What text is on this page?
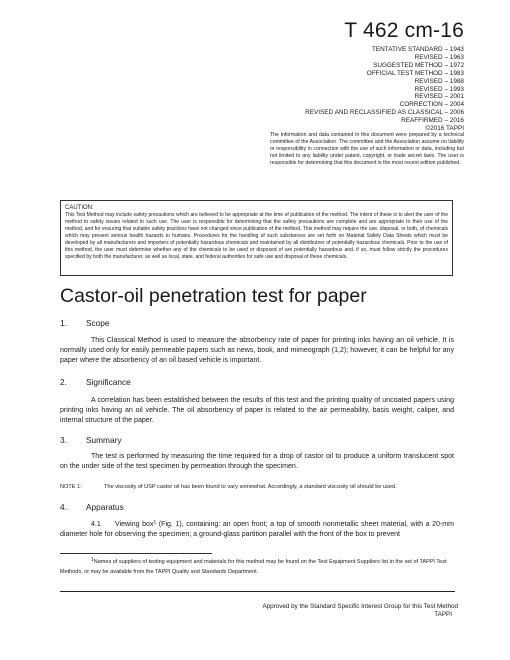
T 462 cm-16
TENTATIVE STANDARD – 1943
REVISED – 1963
SUGGESTED METHOD – 1972
OFFICIAL TEST METHOD – 1983
REVISED – 1988
REVISED – 1993
REVISED – 2001
CORRECTION – 2004
REVISED AND RECLASSIFIED AS CLASSICAL – 2006
REAFFIRMED – 2016
©2016 TAPPI
The information and data contained in this document were prepared by a technical committee of the Association. The committee and the Association assume no liability or responsibility in connection with the use of such information or data, including but not limited to any liability under patent, copyright, or trade secret laws. The user is responsible for determining that this document is the most recent edition published.
CAUTION:
This Test Method may include safety precautions which are believed to be appropriate at the time of publication of the method. The intent of these is to alert the user of the method to safety issues related to such use. The user is responsible for determining that the safety precautions are complete and are appropriate to their use of the method, and for ensuring that suitable safety practices have not changed since publication of the method. This method may require the use, disposal, or both, of chemicals which may present serious health hazards to humans. Procedures for the handling of such substances are set forth on Material Safety Data Sheets which must be developed by all manufacturers and importers of potentially hazardous chemicals and maintained by all distributors of potentially hazardous chemicals. Prior to the use of this method, the user must determine whether any of the chemicals to be used or disposed of are potentially hazardous and, if so, must follow strictly the procedures specified by both the manufacturer, as well as local, state, and federal authorities for safe use and disposal of these chemicals.
Castor-oil penetration test for paper
1. Scope
This Classical Method is used to measure the absorbency rate of paper for printing inks having an oil vehicle. It is normally used only for easily permeable papers such as news, book, and mimeograph (1,2); however, it can be helpful for any paper where the absorbency of an oil based vehicle is important.
2. Significance
A correlation has been established between the results of this test and the printing quality of uncoated papers using printing inks having an oil vehicle. The oil absorbency of paper is related to the air permeability, basis weight, caliper, and internal structure of the paper.
3. Summary
The test is performed by measuring the time required for a drop of castor oil to produce a uniform translucent spot on the under side of the test specimen by permeation through the specimen.
NOTE 1:	The viscosity of USP castor oil has been found to vary somewhat. Accordingly, a standard viscosity oil should be used.
4. Apparatus
4.1 Viewing box$^1$ (Fig. 1), containing: an open front; a top of smooth nonmetallic sheet material, with a 20-mm diameter hole for observing the specimen; a ground-glass partition parallel with the front of the box to prevent
$^1$Names of suppliers of testing equipment and materials for this method may be found on the Test Equipment Suppliers list in the set of TAPPI Test Methods, or may be available from the TAPPI Quality and Standards Department.
Approved by the Standard Specific Interest Group for this Test Method
TAPPI
